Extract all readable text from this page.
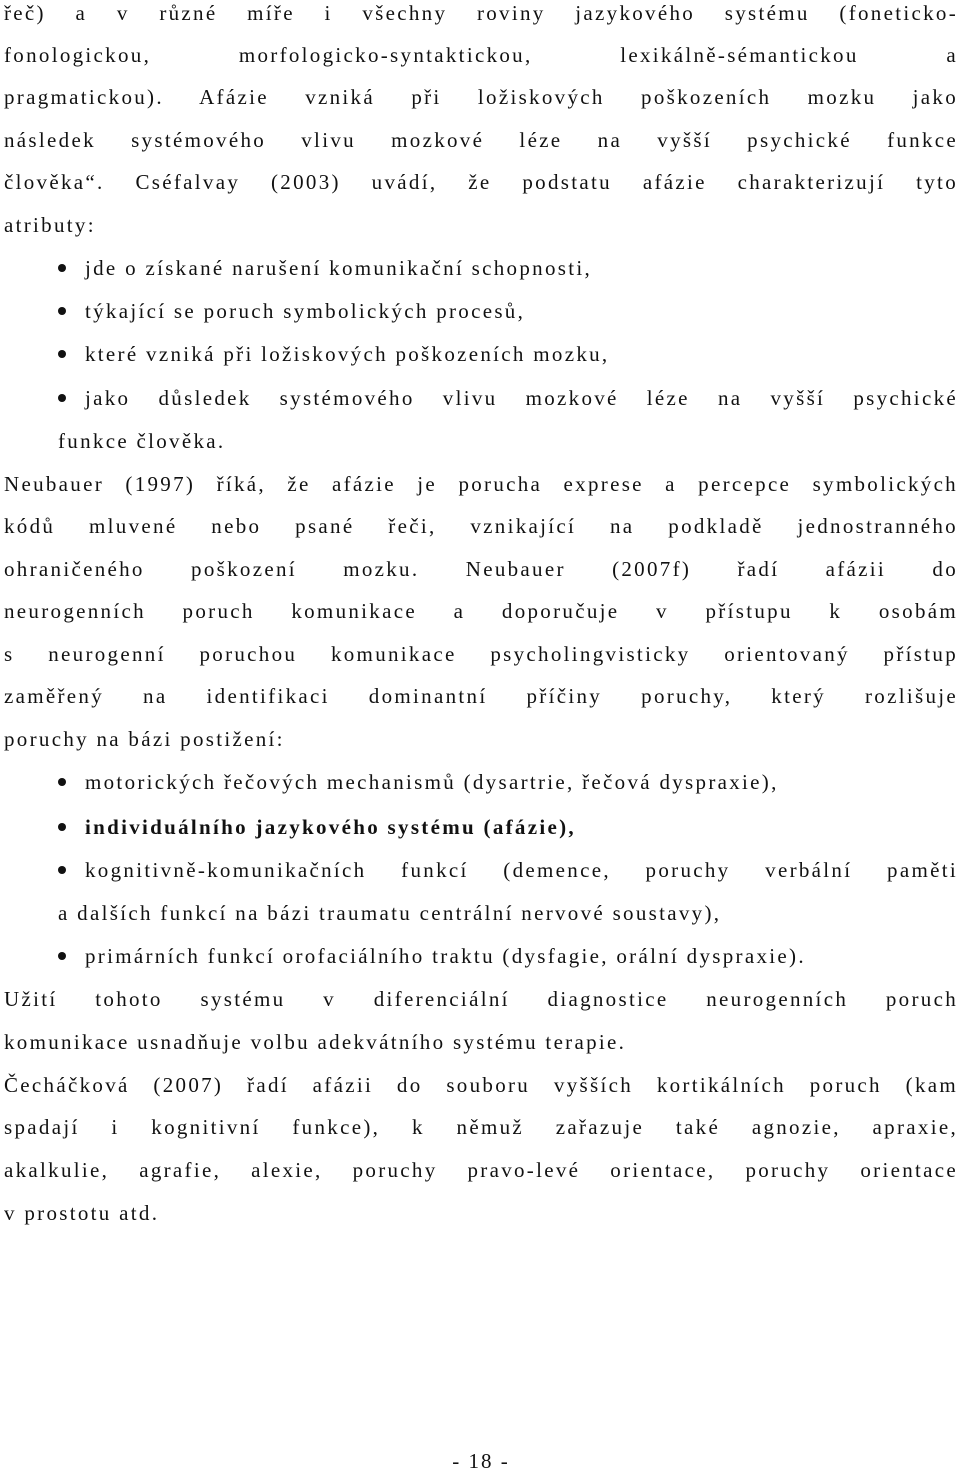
řeč) a v různé míře i všechny roviny jazykového systému (foneticko-
fonologickou, morfologicko-syntaktickou, lexikálně-sémantickou a
pragmatickou). Afázie vzniká při ložiskových poškozeních mozku jako
následek systémového vlivu mozkové léze na vyšší psychické funkce
člověka“. Cséfalvay (2003) uvádí, že podstatu afázie charakterizují tyto
atributy:
jde o získané narušení komunikační schopnosti,
týkající se poruch symbolických procesů,
které vzniká při ložiskových poškozeních mozku,
jako důsledek systémového vlivu mozkové léze na vyšší psychické
funkce člověka.
Neubauer (1997) říká, že afázie je porucha exprese a percepce symbolických
kódů mluvené nebo psané řeči, vznikající na podkladě jednostranného
ohraničeného poškození mozku. Neubauer (2007f) řadí afázii do
neurogenních poruch komunikace a doporučuje v přístupu k osobám
s neurogenní poruchou komunikace psycholingvisticky orientovaný přístup
zaměřený na identifikaci dominantní příčiny poruchy, který rozlišuje
poruchy na bázi postižení:
motorických řečových mechanismů (dysartrie, řečová dyspraxie),
individuálního jazykového systému (afázie),
kognitivně-komunikačních funkcí (demence, poruchy verbální paměti
a dalších funkcí na bázi traumatu centrální nervové soustavy),
primárních funkcí orofaciálního traktu (dysfagie, orální dyspraxie).
Užití tohoto systému v diferenciální diagnostice neurogenních poruch
komunikace usnadňuje volbu adekvátního systému terapie.
Čecháčková (2007) řadí afázii do souboru vyšších kortikálních poruch (kam
spadají i kognitivní funkce), k němuž zařazuje také agnozie, apraxie,
akalkulie, agrafie, alexie, poruchy pravo-levé orientace, poruchy orientace
v prostotu atd.
- 18 -
